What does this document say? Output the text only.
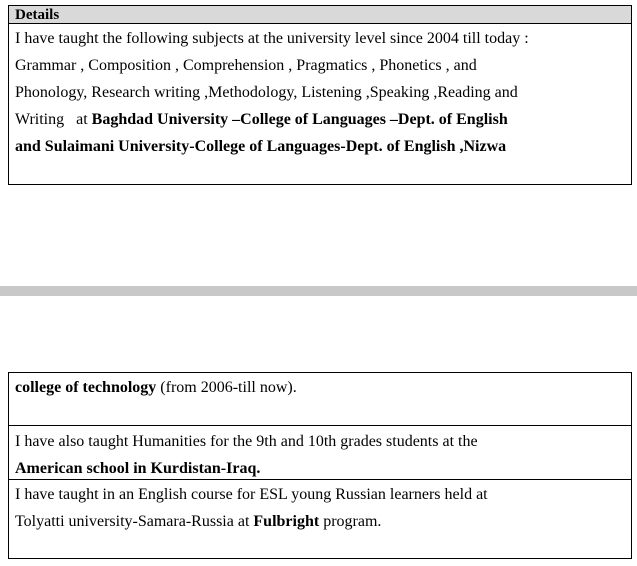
Details
I have taught the following subjects at the university level since 2004 till today :
Grammar , Composition , Comprehension , Pragmatics , Phonetics , and
Phonology, Research writing ,Methodology, Listening ,Speaking ,Reading and
Writing   at Baghdad University –College of Languages –Dept. of English
and Sulaimani University-College of Languages-Dept. of English ,Nizwa
college of technology (from 2006-till now).
I have also taught Humanities for the 9th and 10th grades students at the
American school in Kurdistan-Iraq.
I have taught in an English course for ESL young Russian learners held at
Tolyatti university-Samara-Russia at Fulbright program.
